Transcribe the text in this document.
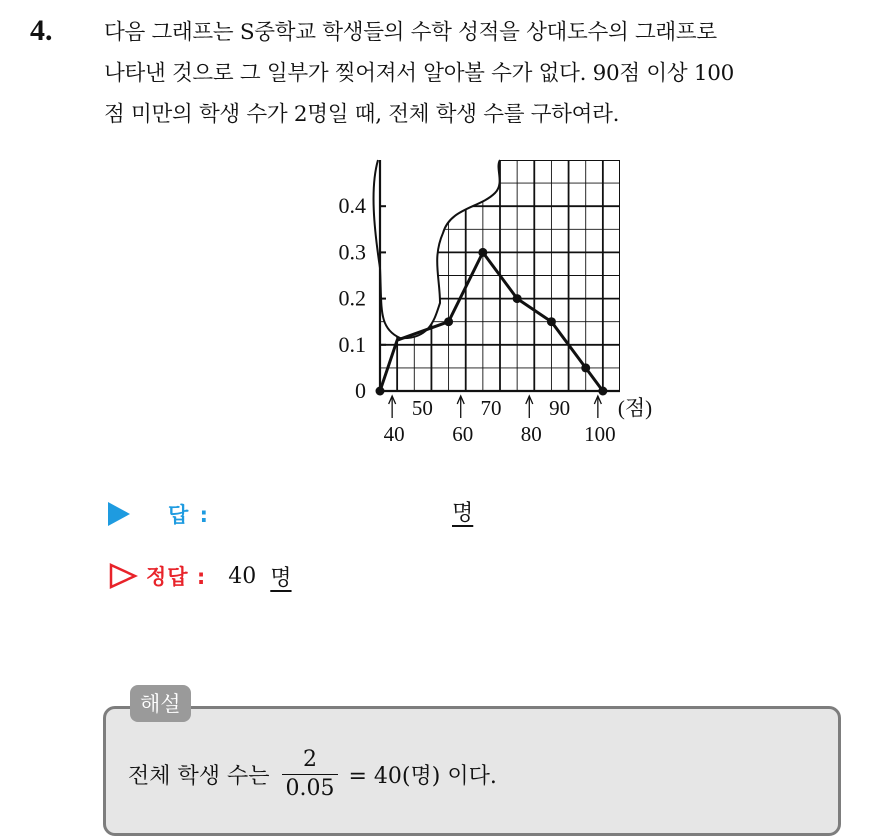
4. 다음 그래프는 S중학교 학생들의 수학 성적을 상대도수의 그래프로
나타낸 것으로 그 일부가 찢어져서 알아볼 수가 없다. 90점 이상 100
점 미만의 학생 수가 2명일 때, 전체 학생 수를 구하여라.
0
0.1
0.2
0.3
0.4
50 70 90
40 60 80 100
(점)
답 :	명
정답 : 40 명
해설
전체 학생 수는 $\frac{2}{0.05} = 40$(명) 이다.
